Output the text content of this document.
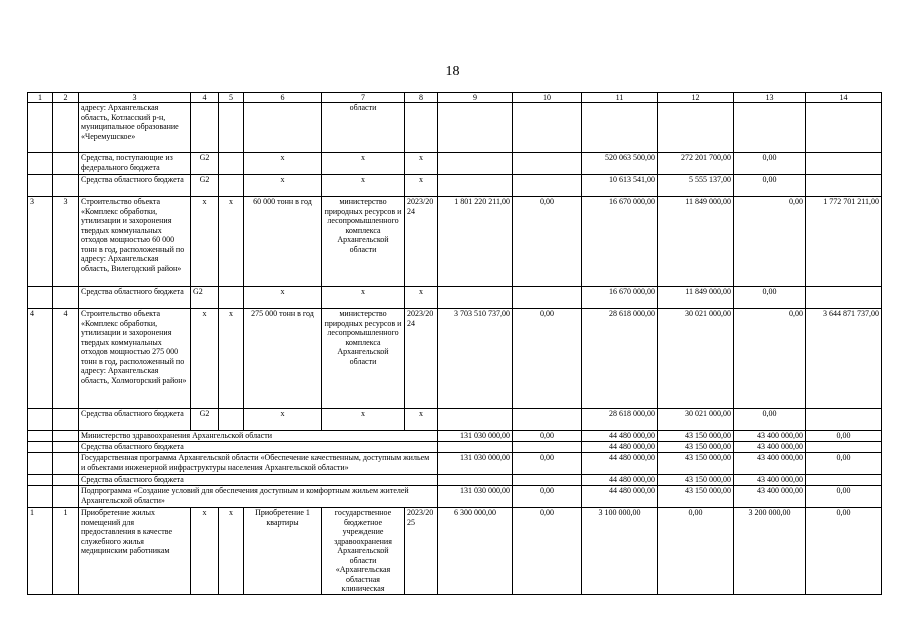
18
1	2	3	4	5	6	7	8	9	10	11	12	13	14
		адресу: Архангельская область, Котласский р-н, муниципальное образование «Черемушское»				области							
		Средства, поступающие из федерального бюджета	G2		x	x	x			520 063 500,00	272 201 700,00	0,00	
		Средства областного бюджета	G2		x	x	x			10 613 541,00	5 555 137,00	0,00	
3	3	Строительство объекта «Комплекс обработки, утилизации и захоронения твердых коммунальных отходов мощностью 60 000 тонн в год, расположенный по адресу: Архангельская область, Вилегодский район»	x	x	60 000 тонн в год	министерство природных ресурсов и лесопромышленного комплекса Архангельской области	2023/2024	1 801 220 211,00	0,00	16 670 000,00	11 849 000,00	0,00	1 772 701 211,00
		Средства областного бюджета	G2		x	x	x			16 670 000,00	11 849 000,00	0,00	
4	4	Строительство объекта «Комплекс обработки, утилизации и захоронения твердых коммунальных отходов мощностью 275 000 тонн в год, расположенный по адресу: Архангельская область, Холмогорский район»	x	x	275 000 тонн в год	министерство природных ресурсов и лесопромышленного комплекса Архангельской области	2023/2024	3 703 510 737,00	0,00	28 618 000,00	30 021 000,00	0,00	3 644 871 737,00
		Средства областного бюджета	G2		x	x	x			28 618 000,00	30 021 000,00	0,00	
		Министерство здравоохранения Архангельской области						131 030 000,00	0,00	44 480 000,00	43 150 000,00	43 400 000,00	0,00
		Средства областного бюджета								44 480 000,00	43 150 000,00	43 400 000,00	
		Государственная программа Архангельской области «Обеспечение качественным, доступным жильем и объектами инженерной инфраструктуры населения Архангельской области»						131 030 000,00	0,00	44 480 000,00	43 150 000,00	43 400 000,00	0,00
		Средства областного бюджета								44 480 000,00	43 150 000,00	43 400 000,00	
		Подпрограмма «Создание условий для обеспечения доступным и комфортным жильем жителей Архангельской области»						131 030 000,00	0,00	44 480 000,00	43 150 000,00	43 400 000,00	0,00
1	1	Приобретение жилых помещений для предоставления в качестве служебного жилья медицинским работникам	x	x	Приобретение 1 квартиры	государственное бюджетное учреждение здравоохранения Архангельской области «Архангельская областная клиническая	2023/2025	6 300 000,00	0,00	3 100 000,00	0,00	3 200 000,00	0,00
